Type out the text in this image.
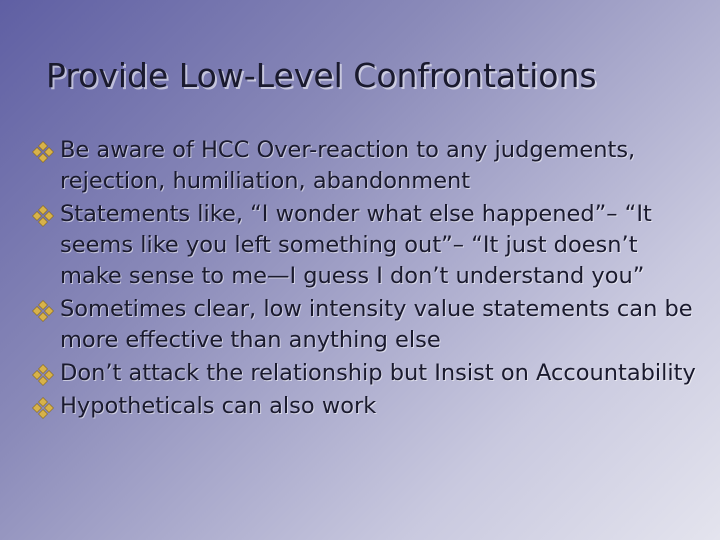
Provide Low-Level Confrontations
Be aware of HCC Over-reaction to any judgements, rejection, humiliation, abandonment
Statements like, “I wonder what else happened”– “It seems like you left something out”– “It just doesn’t make sense to me—I guess I don’t understand you”
Sometimes clear, low intensity value statements can be more effective than anything else
Don’t attack the relationship but Insist on Accountability
Hypotheticals can also work
